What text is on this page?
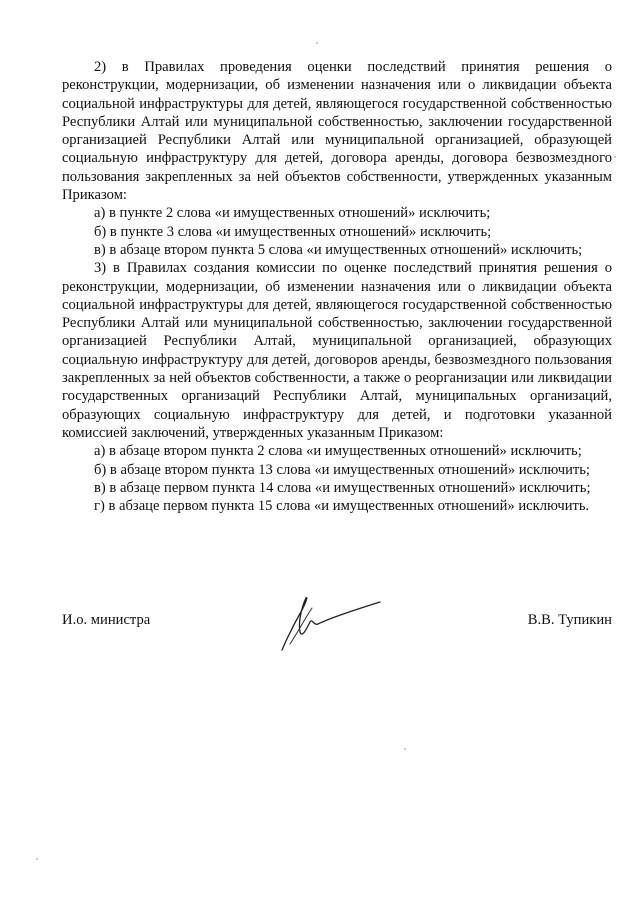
2) в Правилах проведения оценки последствий принятия решения о реконструкции, модернизации, об изменении назначения или о ликвидации объекта социальной инфраструктуры для детей, являющегося государственной собственностью Республики Алтай или муниципальной собственностью, заключении государственной организацией Республики Алтай или муниципальной организацией, образующей социальную инфраструктуру для детей, договора аренды, договора безвозмездного пользования закрепленных за ней объектов собственности, утвержденных указанным Приказом:

а) в пункте 2 слова «и имущественных отношений» исключить;

б) в пункте 3 слова «и имущественных отношений» исключить;

в) в абзаце втором пункта 5 слова «и имущественных отношений» исключить;

3) в Правилах создания комиссии по оценке последствий принятия решения о реконструкции, модернизации, об изменении назначения или о ликвидации объекта социальной инфраструктуры для детей, являющегося государственной собственностью Республики Алтай или муниципальной собственностью, заключении государственной организацией Республики Алтай, муниципальной организацией, образующих социальную инфраструктуру для детей, договоров аренды, безвозмездного пользования закрепленных за ней объектов собственности, а также о реорганизации или ликвидации государственных организаций Республики Алтай, муниципальных организаций, образующих социальную инфраструктуру для детей, и подготовки указанной комиссией заключений, утвержденных указанным Приказом:

а) в абзаце втором пункта 2 слова «и имущественных отношений» исключить;

б) в абзаце втором пункта 13 слова «и имущественных отношений» исключить;

в) в абзаце первом пункта 14 слова «и имущественных отношений» исключить;

г) в абзаце первом пункта 15 слова «и имущественных отношений» исключить.

И.о. министра	В.В. Тупикин
